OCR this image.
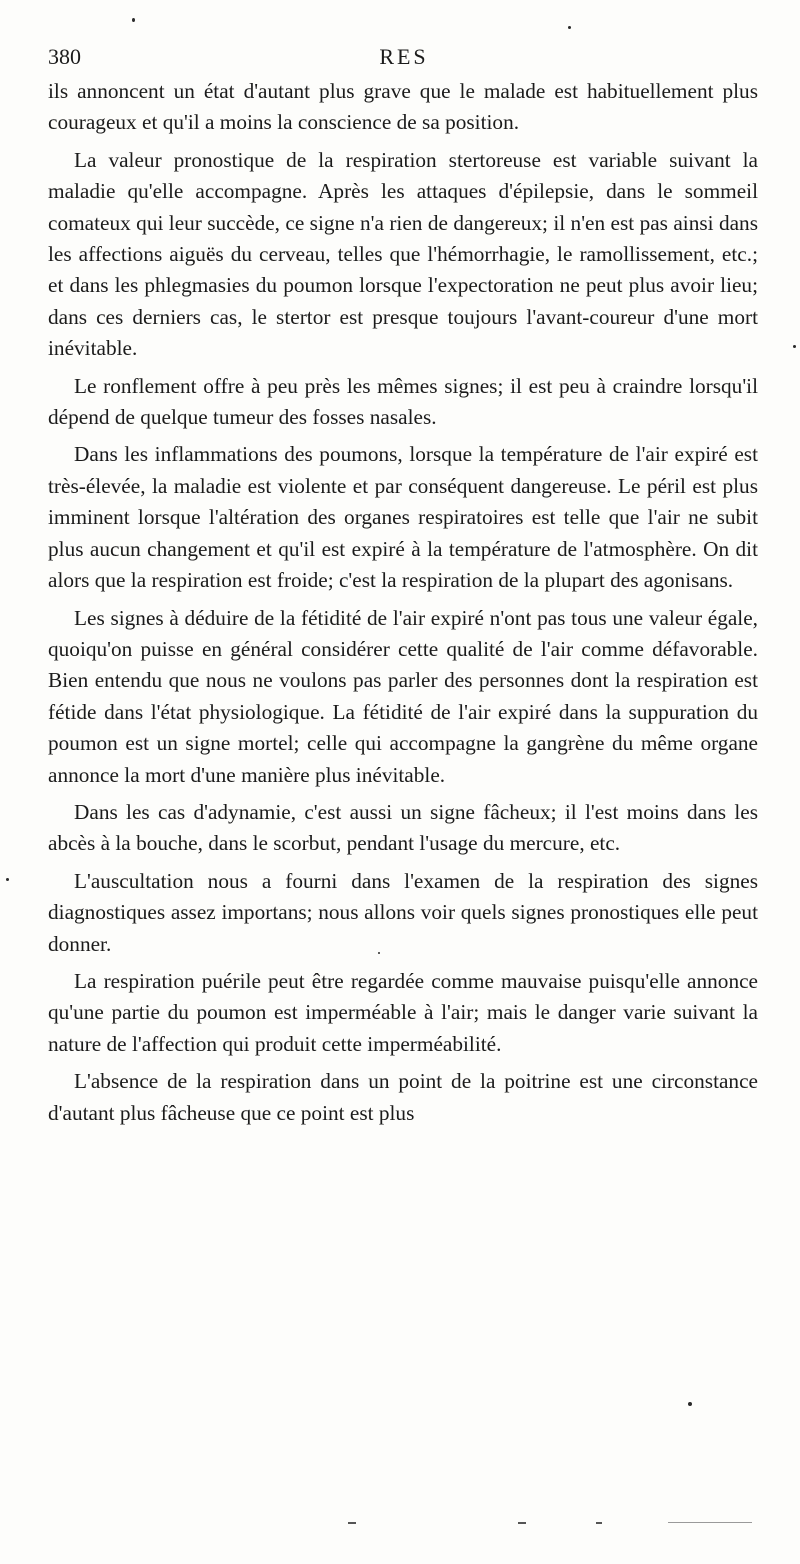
380	RES

ils annoncent un état d'autant plus grave que le malade est habituellement plus courageux et qu'il a moins la conscience de sa position.

La valeur pronostique de la respiration stertoreuse est variable suivant la maladie qu'elle accompagne. Après les attaques d'épilepsie, dans le sommeil comateux qui leur succède, ce signe n'a rien de dangereux; il n'en est pas ainsi dans les affections aiguës du cerveau, telles que l'hémorrhagie, le ramollissement, etc.; et dans les phlegmasies du poumon lorsque l'expectoration ne peut plus avoir lieu; dans ces derniers cas, le stertor est presque toujours l'avant-coureur d'une mort inévitable.

Le ronflement offre à peu près les mêmes signes; il est peu à craindre lorsqu'il dépend de quelque tumeur des fosses nasales.

Dans les inflammations des poumons, lorsque la température de l'air expiré est très-élevée, la maladie est violente et par conséquent dangereuse. Le péril est plus imminent lorsque l'altération des organes respiratoires est telle que l'air ne subit plus aucun changement et qu'il est expiré à la température de l'atmosphère. On dit alors que la respiration est froide; c'est la respiration de la plupart des agonisans.

Les signes à déduire de la fétidité de l'air expiré n'ont pas tous une valeur égale, quoiqu'on puisse en général considérer cette qualité de l'air comme défavorable. Bien entendu que nous ne voulons pas parler des personnes dont la respiration est fétide dans l'état physiologique. La fétidité de l'air expiré dans la suppuration du poumon est un signe mortel; celle qui accompagne la gangrène du même organe annonce la mort d'une manière plus inévitable.

Dans les cas d'adynamie, c'est aussi un signe fâcheux; il l'est moins dans les abcès à la bouche, dans le scorbut, pendant l'usage du mercure, etc.

L'auscultation nous a fourni dans l'examen de la respiration des signes diagnostiques assez importans; nous allons voir quels signes pronostiques elle peut donner.

La respiration puérile peut être regardée comme mauvaise puisqu'elle annonce qu'une partie du poumon est imperméable à l'air; mais le danger varie suivant la nature de l'affection qui produit cette imperméabilité.

L'absence de la respiration dans un point de la poitrine est une circonstance d'autant plus fâcheuse que ce point est plus
